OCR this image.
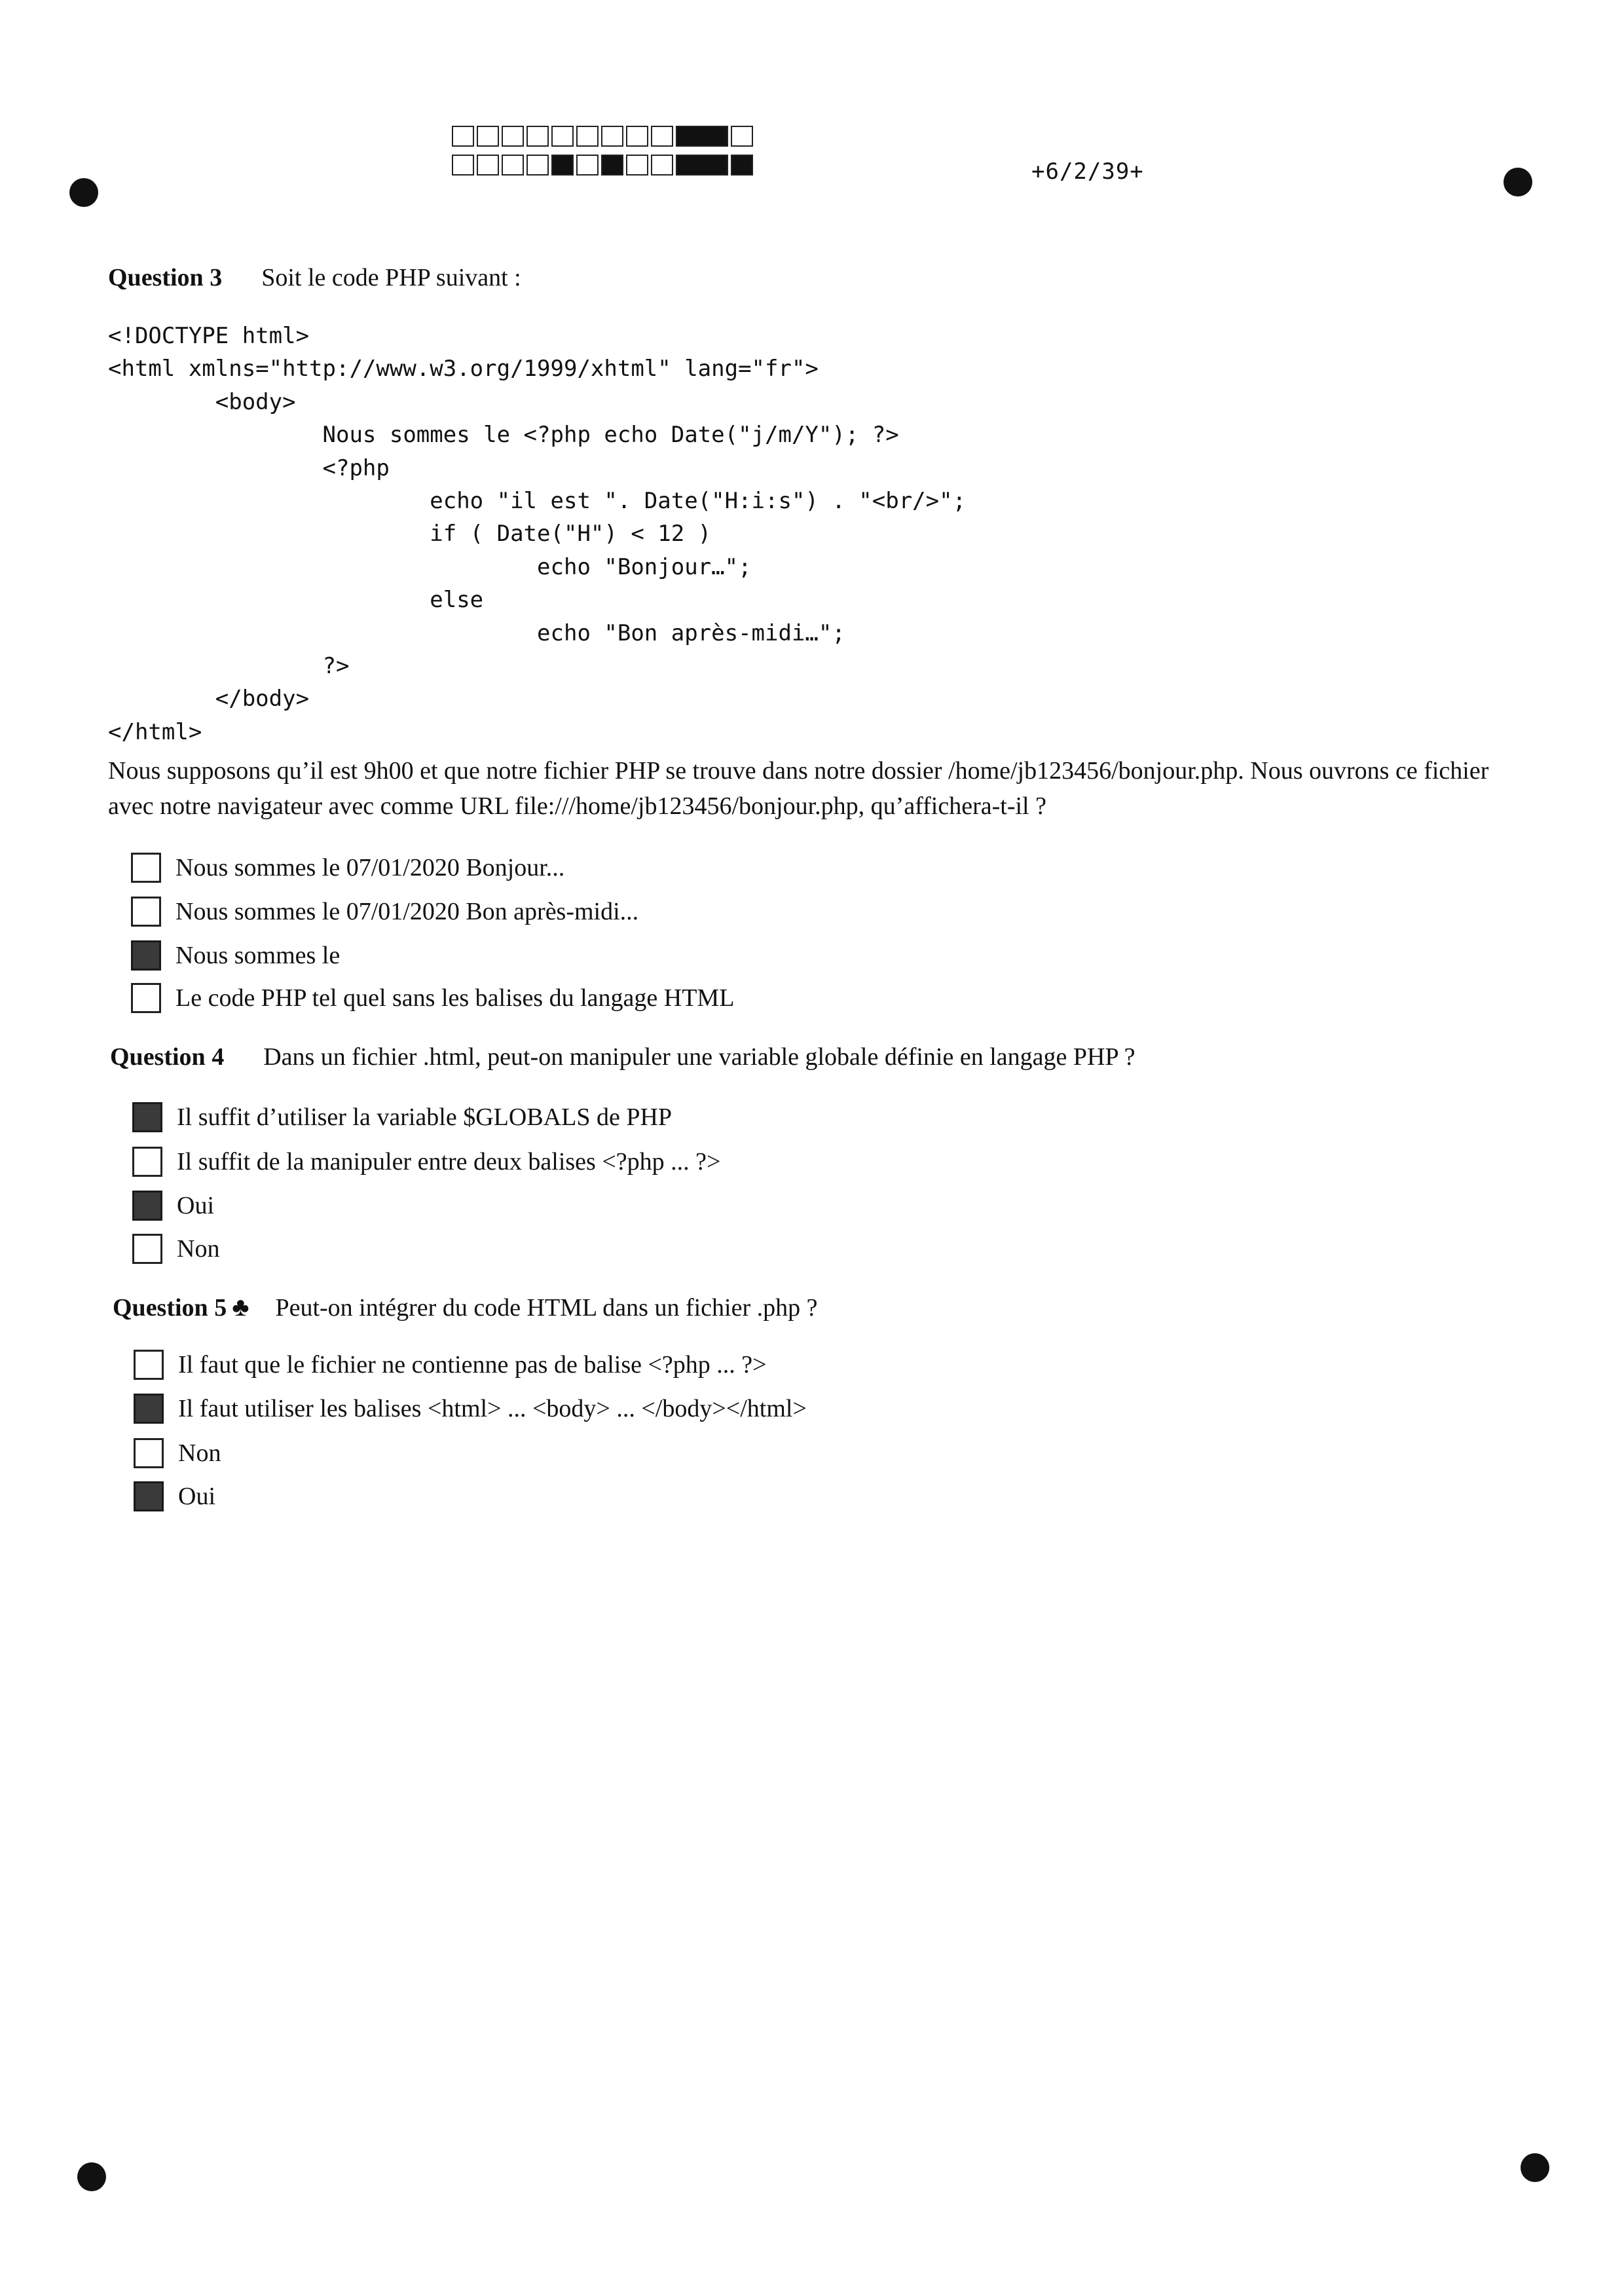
+6/2/39+
Question 3 Soit le code PHP suivant :
<!DOCTYPE html>
<html xmlns="http://www.w3.org/1999/xhtml" lang="fr">
<body>
Nous sommes le <?php echo Date("j/m/Y"); ?>
<?php
echo "il est ". Date("H:i:s") . "<br/>";
if ( Date("H") < 12 )
echo "Bonjour…";
else
echo "Bon après-midi…";
?>
</body>
</html>
Nous supposons qu’il est 9h00 et que notre fichier PHP se trouve dans notre dossier /home/jb123456/bonjour.php. Nous ouvrons ce fichier avec notre navigateur avec comme URL file:///home/jb123456/bonjour.php, qu’affichera-t-il ?
Nous sommes le 07/01/2020 Bonjour...
Nous sommes le 07/01/2020 Bon après-midi...
Nous sommes le
Le code PHP tel quel sans les balises du langage HTML
Question 4 Dans un fichier .html, peut-on manipuler une variable globale définie en langage PHP ?
Il suffit d’utiliser la variable $GLOBALS de PHP
Il suffit de la manipuler entre deux balises <?php ... ?>
Oui
Non
Question 5 ♣ Peut-on intégrer du code HTML dans un fichier .php ?
Il faut que le fichier ne contienne pas de balise <?php ... ?>
Il faut utiliser les balises <html> ... <body> ... </body></html>
Non
Oui
